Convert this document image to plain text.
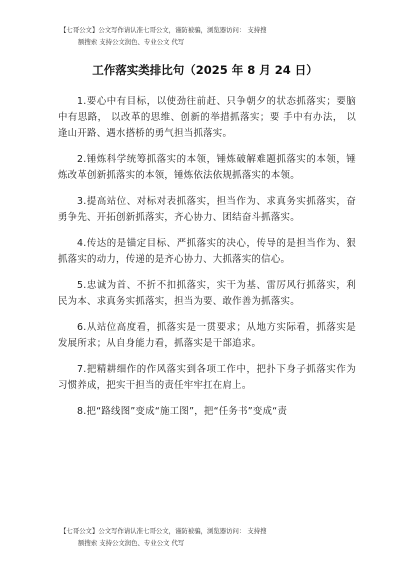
【七哥公文】公文写作请认准七哥公文，谨防被骗，浏览器访问： 支持搜
额搜索 支持公文润色、专业公文 代写
工作落实类排比句（2025 年 8 月 24 日）

1.要心中有目标，以使劲往前赶、只争朝夕的状态抓落实；要脑中有思路， 以改革的思维、创新的举措抓落实；要 手中有办法， 以逢山开路、遇水搭桥的勇气担当抓落实。

2.锤炼科学统筹抓落实的本领，锤炼破解难题抓落实的本领，锤炼改革创新抓落实的本领，锤炼依法依规抓落实的本领。

3.提高站位、对标对表抓落实，担当作为、求真务实抓落实，奋勇争先、开拓创新抓落实，齐心协力、团结奋斗抓落实。

4.传达的是锚定目标、严抓落实的决心，传导的是担当作为、狠抓落实的动力，传递的是齐心协力、大抓落实的信心。

5.忠诚为首、不折不扣抓落实，实干为基、雷厉风行抓落实，利民为本、求真务实抓落实，担当为要、敢作善为抓落实。

6.从站位高度看，抓落实是一贯要求；从地方实际看，抓落实是发展所求；从自身能力看，抓落实是干部追求。

7.把精耕细作的作风落实到各项工作中，把扑下身子抓落实作为习惯养成，把实干担当的责任牢牢扛在肩上。

8.把“路线图”变成“施工图”，把“任务书”变成“责

【七哥公文】公文写作请认准七哥公文，谨防被骗，浏览器访问： 支持搜
额搜索 支持公文润色、专业公文 代写
